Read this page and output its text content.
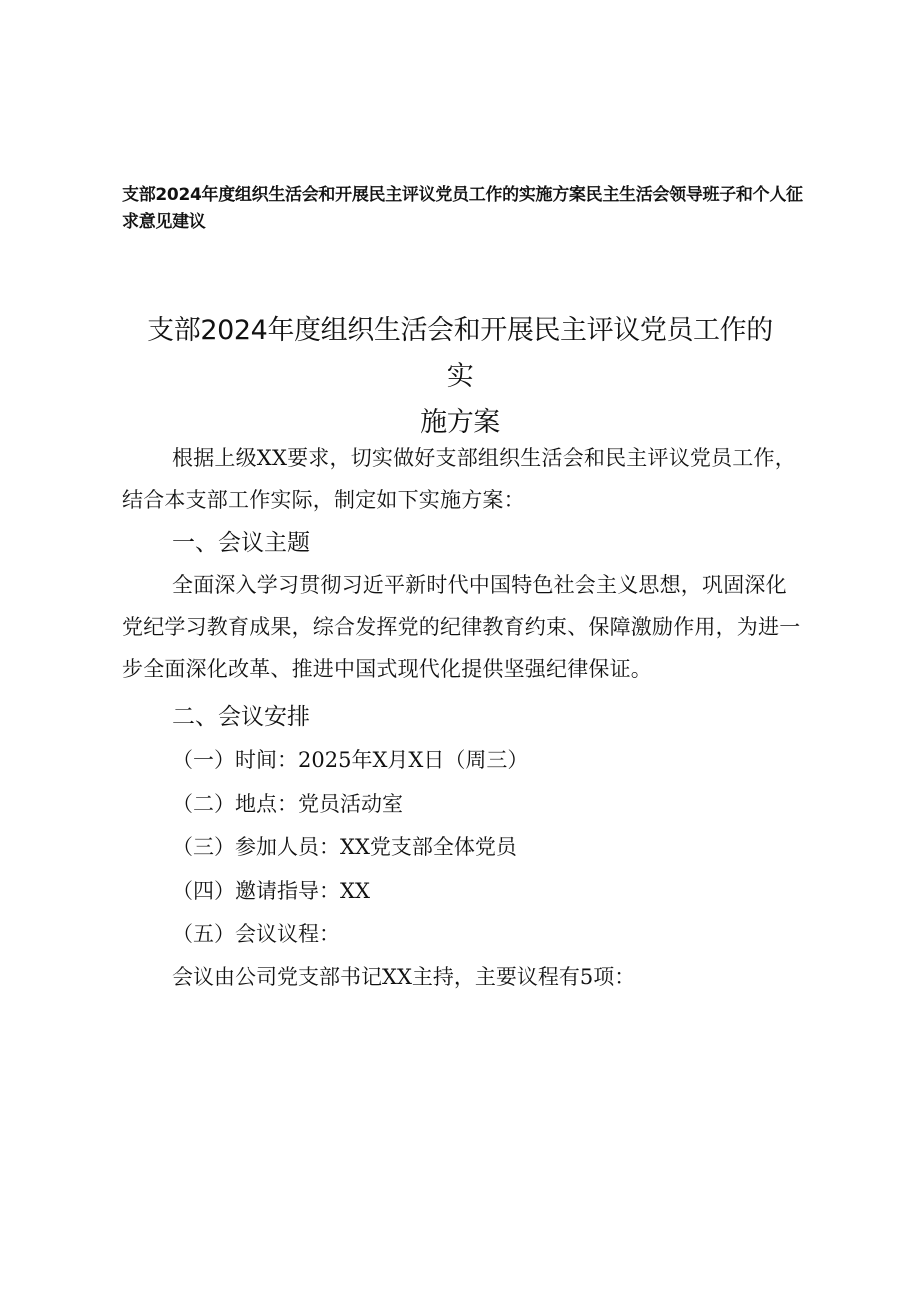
支部2024年度组织生活会和开展民主评议党员工作的实施方案民主生活会领导班子和个人征求意见建议
支部2024年度组织生活会和开展民主评议党员工作的实
施方案

根据上级XX要求，切实做好支部组织生活会和民主评议党员工作，结合本支部工作实际，制定如下实施方案：

一、会议主题

全面深入学习贯彻习近平新时代中国特色社会主义思想，巩固深化党纪学习教育成果，综合发挥党的纪律教育约束、保障激励作用，为进一步全面深化改革、推进中国式现代化提供坚强纪律保证。

二、会议安排
（一）时间：2025年X月X日（周三）
（二）地点：党员活动室
（三）参加人员：XX党支部全体党员
（四）邀请指导：XX
（五）会议议程：
会议由公司党支部书记XX主持，主要议程有5项：
